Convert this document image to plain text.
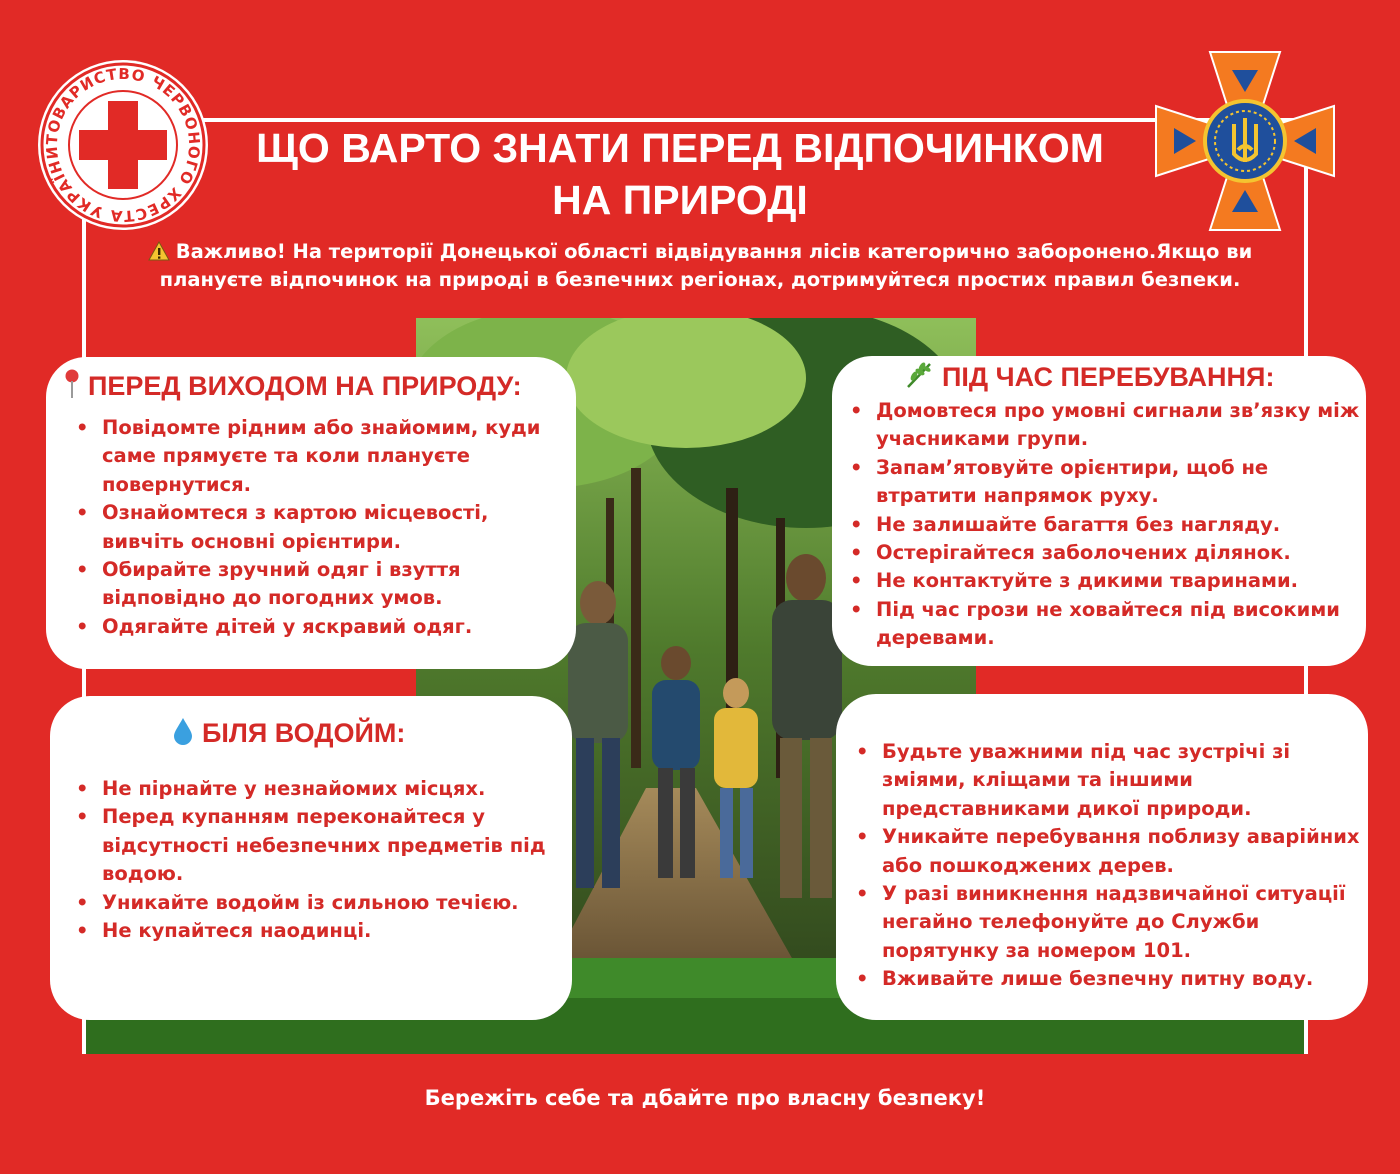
ТОВАРИСТВО ЧЕРВОНОГО ХРЕСТА УКРАЇНИ	ЩО ВАРТО ЗНАТИ ПЕРЕД ВІДПОЧИНКОМ
НА ПРИРОДІ

Важливо! На території Донецької області відвідування лісів категорично заборонено.Якщо ви плануєте відпочинок на природі в безпечних регіонах, дотримуйтеся простих правил безпеки.

ПЕРЕД ВИХОДОМ НА ПРИРОДУ:
• Повідомте рідним або знайомим, куди саме прямуєте та коли плануєте повернутися.
• Ознайомтеся з картою місцевості, вивчіть основні орієнтири.
• Обирайте зручний одяг і взуття відповідно до погодних умов.
• Одягайте дітей у яскравий одяг.
ПІД ЧАС ПЕРЕБУВАННЯ:
• Домовтеся про умовні сигнали зв’язку між учасниками групи.
• Запам’ятовуйте орієнтири, щоб не втратити напрямок руху.
• Не залишайте багаття без нагляду.
• Остерігайтеся заболочених ділянок.
• Не контактуйте з дикими тваринами.
• Під час грози не ховайтеся під високими деревами.
БІЛЯ ВОДОЙМ:
• Не пірнайте у незнайомих місцях.
• Перед купанням переконайтеся у відсутності небезпечних предметів під водою.
• Уникайте водойм із сильною течією.
• Не купайтеся наодинці.
• Будьте уважними під час зустрічі зі зміями, кліщами та іншими представниками дикої природи.
• Уникайте перебування поблизу аварійних або пошкоджених дерев.
• У разі виникнення надзвичайної ситуації негайно телефонуйте до Служби порятунку за номером 101.
• Вживайте лише безпечну питну воду.

Бережіть себе та дбайте про власну безпеку!
